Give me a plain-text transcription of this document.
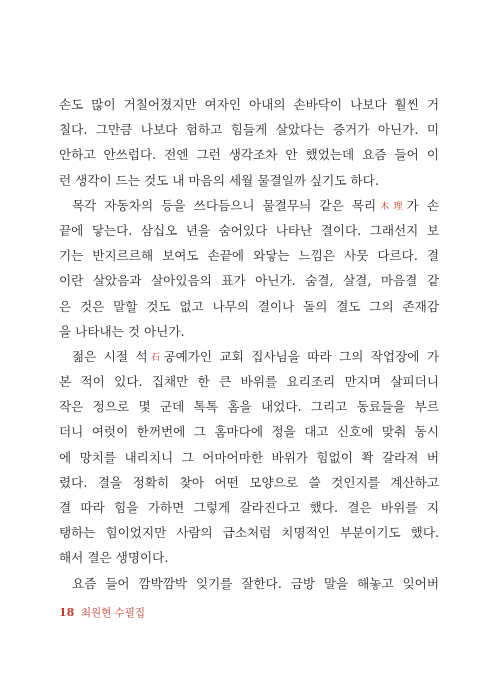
손도 많이 거칠어졌지만 여자인 아내의 손바닥이 나보다 훨씬 거
칠다. 그만큼 나보다 험하고 힘들게 살았다는 증거가 아닌가. 미
안하고 안쓰럽다. 전엔 그런 생각조차 안 했었는데 요즘 들어 이
런 생각이 드는 것도 내 마음의 세월 물결일까 싶기도 하다.
목각 자동차의 등을 쓰다듬으니 물결무늬 같은 목리木理가 손
끝에 닿는다. 삼십오 년을 숨어있다 나타난 결이다. 그래선지 보
기는 반지르르해 보여도 손끝에 와닿는 느낌은 사뭇 다르다. 결
이란 살았음과 살아있음의 표가 아닌가. 숨결, 살결, 마음결 같
은 것은 말할 것도 없고 나무의 결이나 돌의 결도 그의 존재감
을 나타내는 것 아닌가.
젊은 시절 석石공예가인 교회 집사님을 따라 그의 작업장에 가
본 적이 있다. 집채만 한 큰 바위를 요리조리 만지며 살피더니
작은 정으로 몇 군데 톡톡 홈을 내었다. 그리고 동료들을 부르
더니 여럿이 한꺼번에 그 홈마다에 정을 대고 신호에 맞춰 동시
에 망치를 내리치니 그 어마어마한 바위가 힘없이 쫙 갈라져 버
렸다. 결을 정확히 찾아 어떤 모양으로 쓸 것인지를 계산하고
결 따라 힘을 가하면 그렇게 갈라진다고 했다. 결은 바위를 지
탱하는 힘이었지만 사람의 급소처럼 치명적인 부분이기도 했다.
해서 결은 생명이다.
요즘 들어 깜박깜박 잊기를 잘한다. 금방 말을 해놓고 잊어버
18 최원현 수필집
